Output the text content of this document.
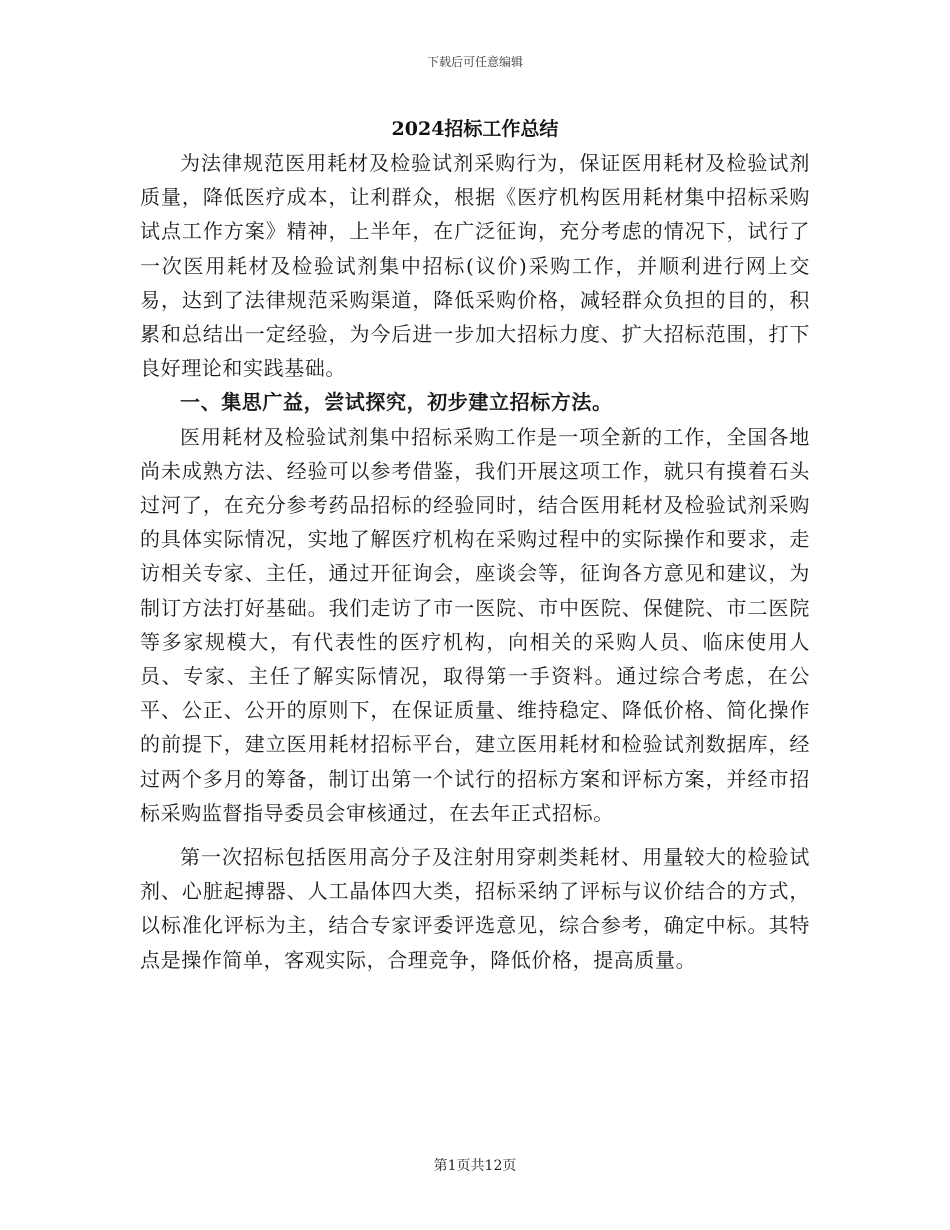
下载后可任意编辑
2024招标工作总结

为法律规范医用耗材及检验试剂采购行为，保证医用耗材及检验试剂质量，降低医疗成本，让利群众，根据《医疗机构医用耗材集中招标采购试点工作方案》精神，上半年，在广泛征询，充分考虑的情况下，试行了一次医用耗材及检验试剂集中招标(议价)采购工作，并顺利进行网上交易，达到了法律规范采购渠道，降低采购价格，减轻群众负担的目的，积累和总结出一定经验，为今后进一步加大招标力度、扩大招标范围，打下良好理论和实践基础。

一、集思广益，尝试探究，初步建立招标方法。

医用耗材及检验试剂集中招标采购工作是一项全新的工作，全国各地尚未成熟方法、经验可以参考借鉴，我们开展这项工作，就只有摸着石头过河了，在充分参考药品招标的经验同时，结合医用耗材及检验试剂采购的具体实际情况，实地了解医疗机构在采购过程中的实际操作和要求，走访相关专家、主任，通过开征询会，座谈会等，征询各方意见和建议，为制订方法打好基础。我们走访了市一医院、市中医院、保健院、市二医院等多家规模大，有代表性的医疗机构，向相关的采购人员、临床使用人员、专家、主任了解实际情况，取得第一手资料。通过综合考虑，在公平、公正、公开的原则下，在保证质量、维持稳定、降低价格、简化操作的前提下，建立医用耗材招标平台，建立医用耗材和检验试剂数据库，经过两个多月的筹备，制订出第一个试行的招标方案和评标方案，并经市招标采购监督指导委员会审核通过，在去年正式招标。

第一次招标包括医用高分子及注射用穿刺类耗材、用量较大的检验试剂、心脏起搏器、人工晶体四大类，招标采纳了评标与议价结合的方式，以标准化评标为主，结合专家评委评选意见，综合参考，确定中标。其特点是操作简单，客观实际，合理竞争，降低价格，提高质量。

第1页共12页
